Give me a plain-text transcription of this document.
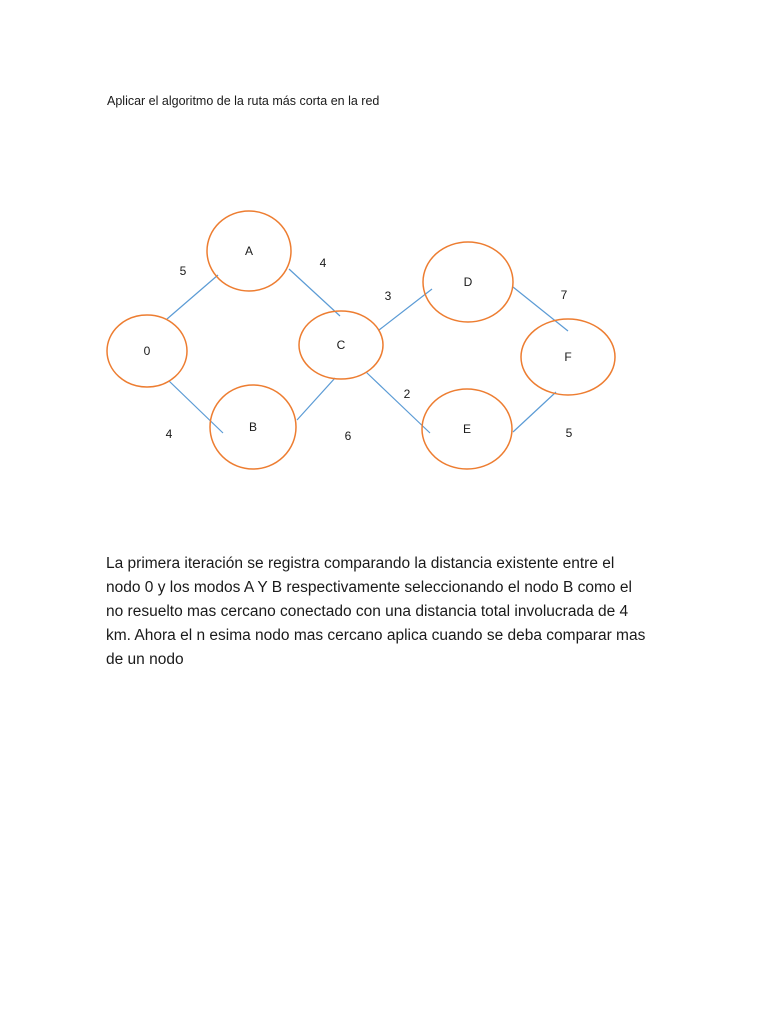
Aplicar el algoritmo de la ruta más corta en la red
0
A
B
C
D
E
F
5
4
4
6
3
2
7
5

La primera iteración se registra comparando la distancia existente entre el

nodo 0 y los modos A Y B respectivamente seleccionando el nodo B como el

no resuelto mas cercano conectado con una distancia total involucrada de 4

km. Ahora el n esima nodo mas cercano aplica cuando se deba comparar mas

de un nodo
